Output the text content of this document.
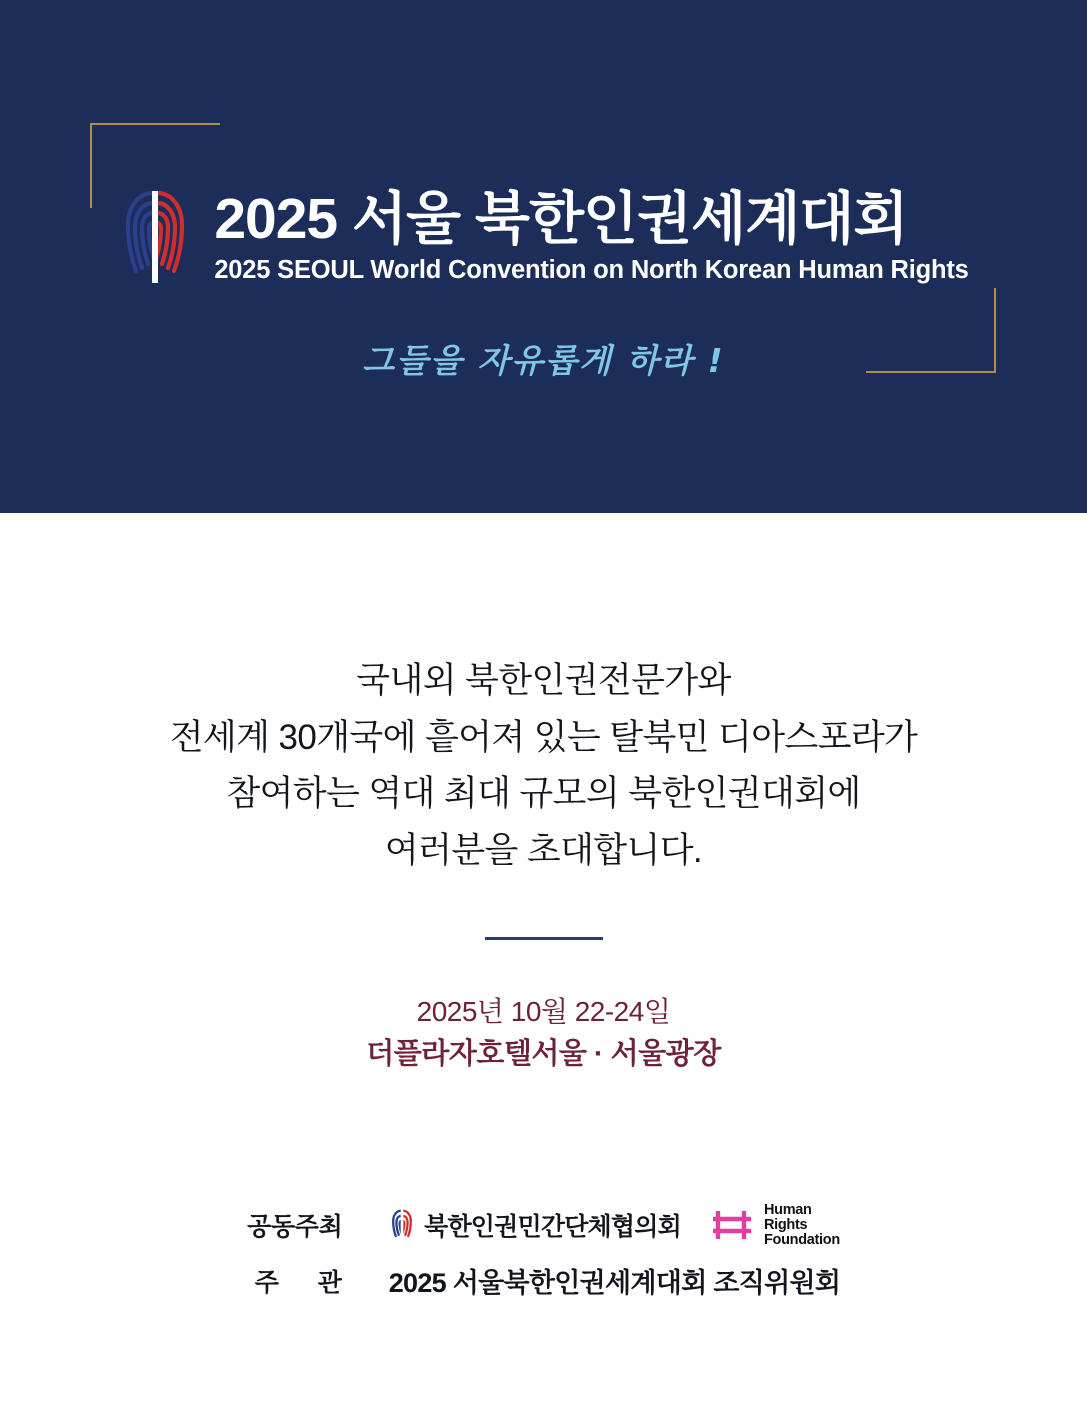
2025 서울 북한인권세계대회
2025 SEOUL World Convention on North Korean Human Rights
그들을 자유롭게 하라 !
국내외 북한인권전문가와
전세계 30개국에 흩어져 있는 탈북민 디아스포라가
참여하는 역대 최대 규모의 북한인권대회에
여러분을 초대합니다.
2025년 10월 22-24일
더플라자호텔서울 · 서울광장
공동주최	북한인권민간단체협의회
Human
Rights
Foundation
주 관	2025 서울북한인권세계대회 조직위원회
